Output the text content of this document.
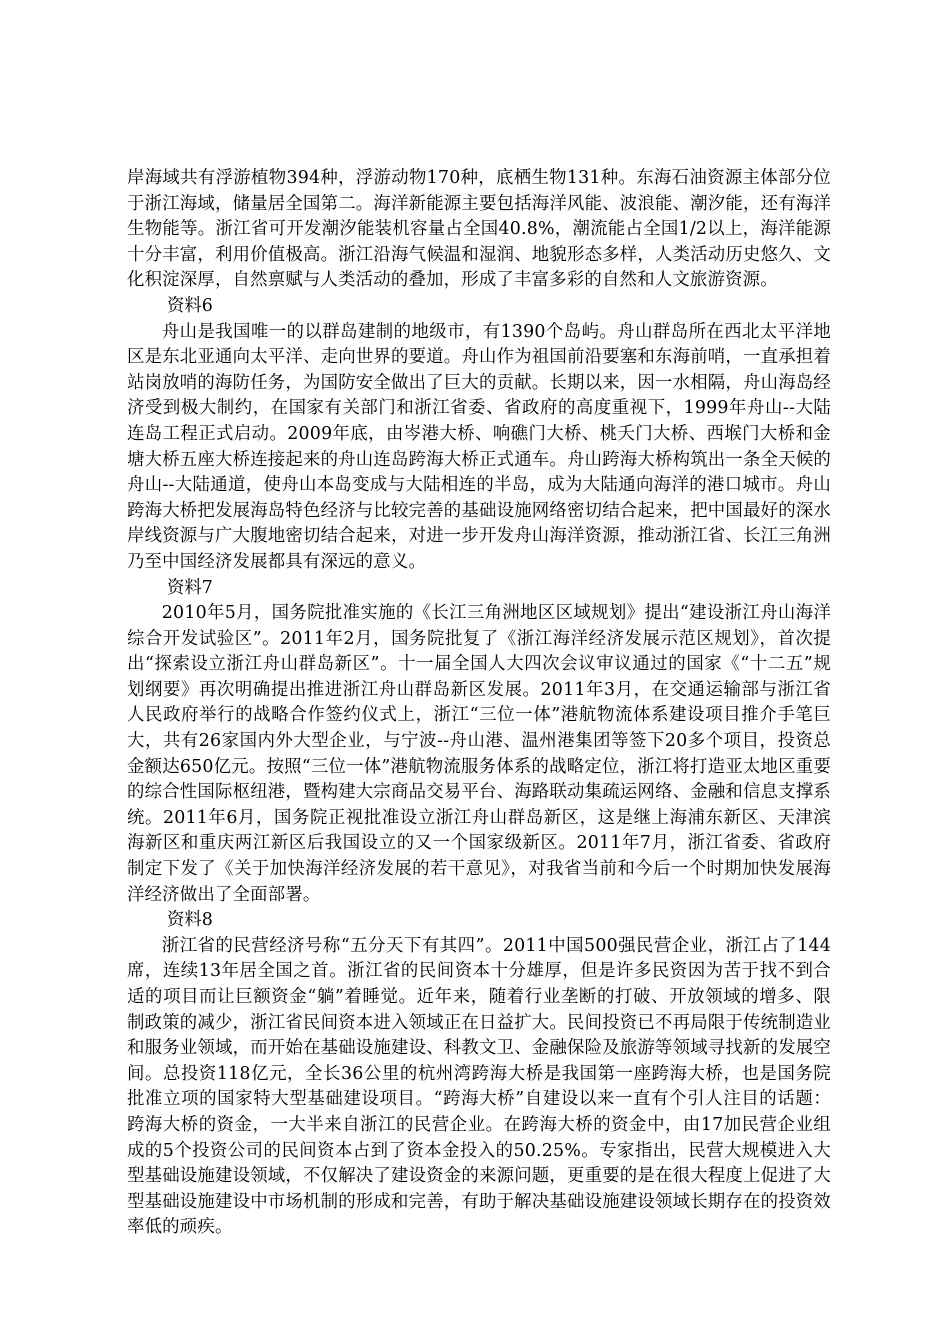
岸海域共有浮游植物394种，浮游动物170种，底栖生物131种。东海石油资源主体部分位于浙江海域，储量居全国第二。海洋新能源主要包括海洋风能、波浪能、潮汐能，还有海洋生物能等。浙江省可开发潮汐能装机容量占全国40.8%，潮流能占全国1/2以上，海洋能源十分丰富，利用价值极高。浙江沿海气候温和湿润、地貌形态多样，人类活动历史悠久、文化积淀深厚，自然禀赋与人类活动的叠加，形成了丰富多彩的自然和人文旅游资源。

资料6

舟山是我国唯一的以群岛建制的地级市，有1390个岛屿。舟山群岛所在西北太平洋地区是东北亚通向太平洋、走向世界的要道。舟山作为祖国前沿要塞和东海前哨，一直承担着站岗放哨的海防任务，为国防安全做出了巨大的贡献。长期以来，因一水相隔，舟山海岛经济受到极大制约，在国家有关部门和浙江省委、省政府的高度重视下，1999年舟山--大陆连岛工程正式启动。2009年底，由岑港大桥、响礁门大桥、桃夭门大桥、西堠门大桥和金塘大桥五座大桥连接起来的舟山连岛跨海大桥正式通车。舟山跨海大桥构筑出一条全天候的舟山--大陆通道，使舟山本岛变成与大陆相连的半岛，成为大陆通向海洋的港口城市。舟山跨海大桥把发展海岛特色经济与比较完善的基础设施网络密切结合起来，把中国最好的深水岸线资源与广大腹地密切结合起来，对进一步开发舟山海洋资源，推动浙江省、长江三角洲乃至中国经济发展都具有深远的意义。

资料7

2010年5月，国务院批准实施的《长江三角洲地区区域规划》提出“建设浙江舟山海洋综合开发试验区”。2011年2月，国务院批复了《浙江海洋经济发展示范区规划》，首次提出“探索设立浙江舟山群岛新区”。十一届全国人大四次会议审议通过的国家《“十二五”规划纲要》再次明确提出推进浙江舟山群岛新区发展。2011年3月，在交通运输部与浙江省人民政府举行的战略合作签约仪式上，浙江“三位一体”港航物流体系建设项目推介手笔巨大，共有26家国内外大型企业，与宁波--舟山港、温州港集团等签下20多个项目，投资总金额达650亿元。按照“三位一体”港航物流服务体系的战略定位，浙江将打造亚太地区重要的综合性国际枢纽港，暨构建大宗商品交易平台、海路联动集疏运网络、金融和信息支撑系统。2011年6月，国务院正视批准设立浙江舟山群岛新区，这是继上海浦东新区、天津滨海新区和重庆两江新区后我国设立的又一个国家级新区。2011年7月，浙江省委、省政府制定下发了《关于加快海洋经济发展的若干意见》，对我省当前和今后一个时期加快发展海洋经济做出了全面部署。

资料8

浙江省的民营经济号称“五分天下有其四”。2011中国500强民营企业，浙江占了144席，连续13年居全国之首。浙江省的民间资本十分雄厚，但是许多民资因为苦于找不到合适的项目而让巨额资金“躺”着睡觉。近年来，随着行业垄断的打破、开放领域的增多、限制政策的减少，浙江省民间资本进入领域正在日益扩大。民间投资已不再局限于传统制造业和服务业领域，而开始在基础设施建设、科教文卫、金融保险及旅游等领域寻找新的发展空间。总投资118亿元，全长36公里的杭州湾跨海大桥是我国第一座跨海大桥，也是国务院批准立项的国家特大型基础建设项目。“跨海大桥”自建设以来一直有个引人注目的话题：跨海大桥的资金，一大半来自浙江的民营企业。在跨海大桥的资金中，由17加民营企业组成的5个投资公司的民间资本占到了资本金投入的50.25%。专家指出，民营大规模进入大型基础设施建设领域，不仅解决了建设资金的来源问题，更重要的是在很大程度上促进了大型基础设施建设中市场机制的形成和完善，有助于解决基础设施建设领域长期存在的投资效率低的顽疾。
